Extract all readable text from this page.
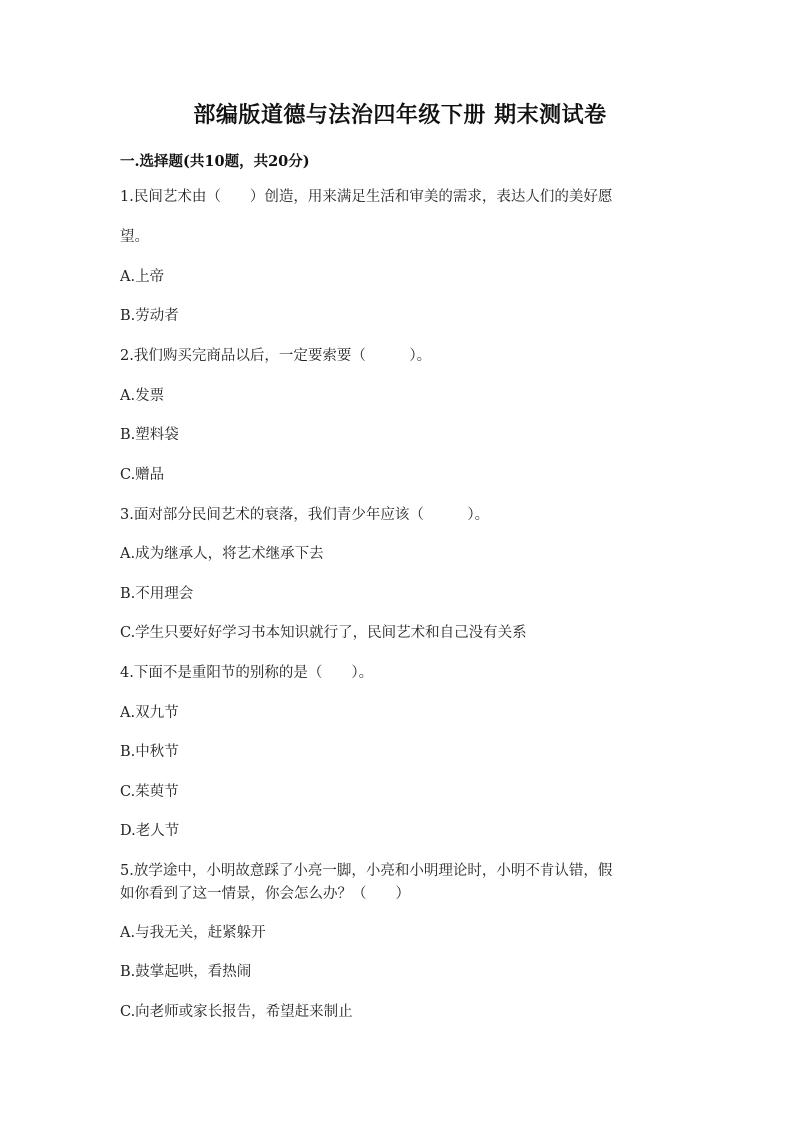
部编版道德与法治四年级下册 期末测试卷
一.选择题(共10题，共20分)
1.民间艺术由（　　）创造，用来满足生活和审美的需求，表达人们的美好愿
望。
A.上帝
B.劳动者
2.我们购买完商品以后，一定要索要（　　　）。
A.发票
B.塑料袋
C.赠品
3.面对部分民间艺术的衰落，我们青少年应该（　　　）。
A.成为继承人，将艺术继承下去
B.不用理会
C.学生只要好好学习书本知识就行了，民间艺术和自己没有关系
4.下面不是重阳节的别称的是（　　）。
A.双九节
B.中秋节
C.茱萸节
D.老人节
5.放学途中，小明故意踩了小亮一脚，小亮和小明理论时，小明不肯认错，假
如你看到了这一情景，你会怎么办？（　　）
A.与我无关，赶紧躲开
B.鼓掌起哄，看热闹
C.向老师或家长报告，希望赶来制止
